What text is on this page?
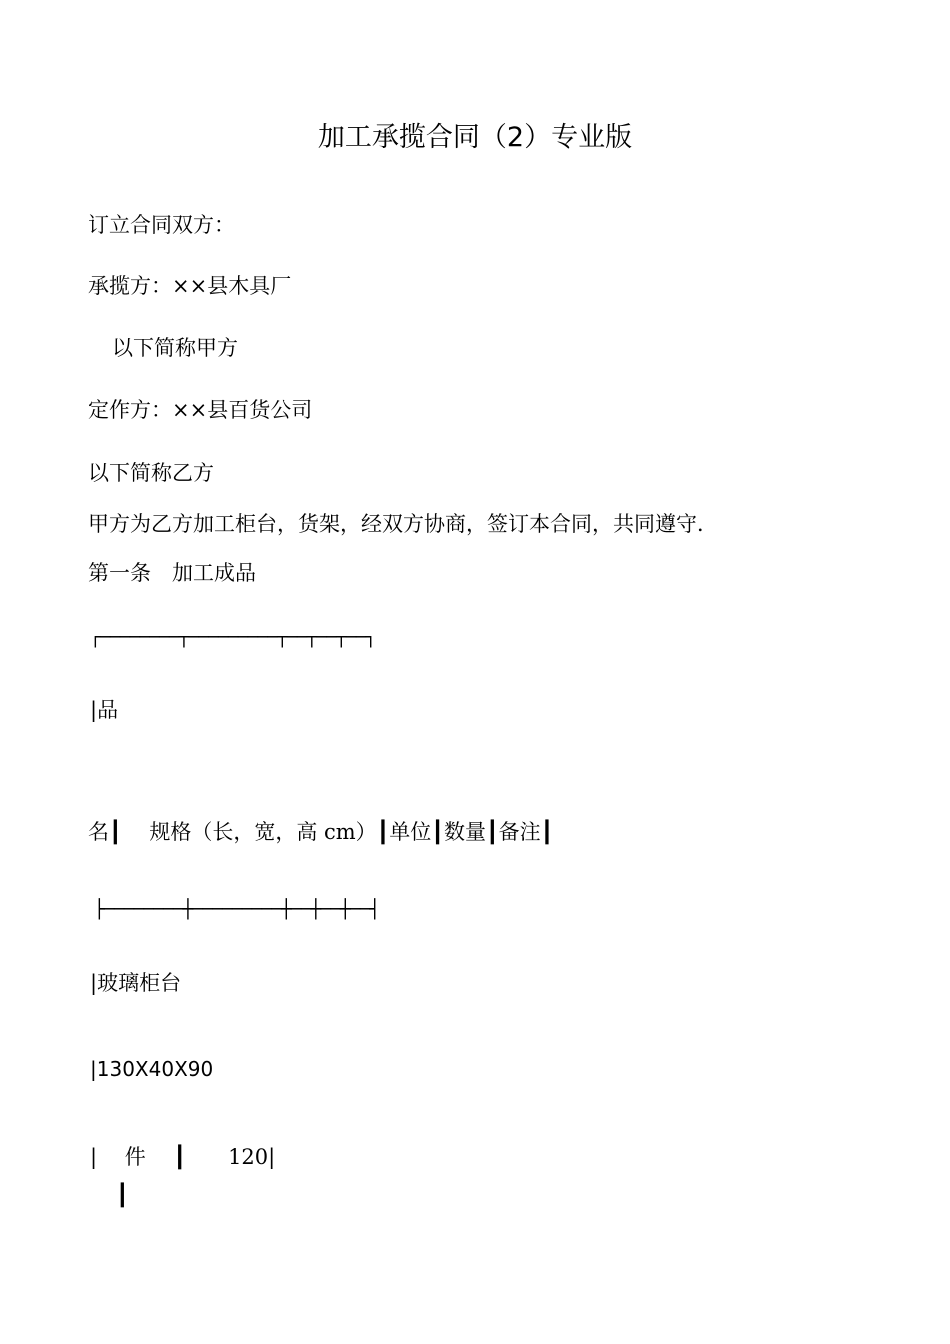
加工承揽合同（2）专业版
订立合同双方：
承揽方：××县木具厂
以下简称甲方
定作方：××县百货公司
以下简称乙方
甲方为乙方加工柜台，货架，经双方协商，签订本合同，共同遵守．
第一条　加工成品
┌────────┬─────────┬──┬──┬──┐
|品
名┃　 规格（长，宽，高 cm）┃单位┃数量┃备注┃
├────────┼─────────┼──┼──┼──┤
|玻璃柜台
|130X40X90
|　 件　 ┃　　120|
┃
